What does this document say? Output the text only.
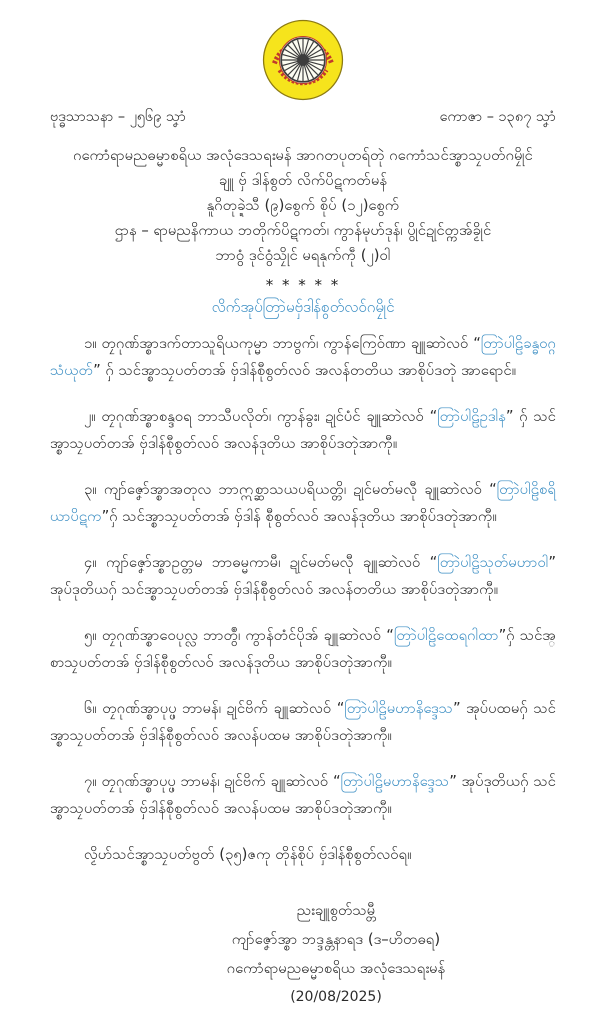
ဗုဒ္ဓသာသနာ – ၂၅၆၉ သၞာံ	ကောဇာ – ၁၃၈၇ သၞာံ
ဂကောံရာမညဓမ္မာစရိယ အလုံဒေသရးမန် အာဂတပုတရ်တုဲ ဂကောံသင်အ္စာသၠပတ်ဂမၠိုင်
ချူ ဗှ် ဒါန်စွတ် လိက်ပိဋကတ်မန်
နူဂိတုခ္ဍဲသီ (၉)စွေက် စိုပ် (၁၂)စွေက်
ဌာန – ရာမညနိကာယ ဘတိုက်ပိဋကတ်၊ ကွာန်မုဟ်ဒုန်၊ ပွိုင်ဍုင်တ္ကအ်ခၟိုင်
ဘာဝွံ ဒုင်ဝွံသၠိုင် မရနုက်ကဵု (၂)ဝါ
* * * * *
လိက်အုပ်တြာဲမဗှ်ဒါန်စွတ်လဝ်ဂမၠိုင်

၁။ တၠဂုဏ်အ္စာဒက်တာသူရိယကုမ္မာ ဘာဗွက်၊ ကွာန်ကြေဝ်ဏာ ချူဆာဲလဝ် “တြာဲပါဠိခန္ဓဝဂ္ဂသံယုတ်” ဂှ် သင်အ္စာသၠပတ်တအ် ဗှ်ဒါန်စီုစွတ်လဝ် အလန်တတိယ အာစိုပ်ဒတုဲ အာရောင်။

၂။ တၠဂုဏ်အ္စာစန္ဒဝရ ဘာသီပလိုတ်၊ ကွာန်ခွး၊ ဍုင်ပံင် ချူဆာဲလဝ် “တြာဲပါဠိဥဒါန” ဂှ် သင်အ္စာသၠပတ်တအ် ဗှ်ဒါန်စီုစွတ်လဝ် အလန်ဒုတိယ အာစိုပ်ဒတုဲအာကီု။

၃။ ကျာ်ဇၞော်အ္စာအတုလ ဘာဣစ္ဆာသယပရိယတ္တိ၊ ဍုင်မတ်မလီု ချူဆာဲလဝ် “တြာဲပါဠိစရိယာပိဋက”ဂှ် သင်အ္စာသၠပတ်တအ် ဗှ်ဒါန် စီုစွတ်လဝ် အလန်ဒုတိယ အာစိုပ်ဒတုဲအာကီု။

၄။ ကျာ်ဇၞော်အ္စာဥတ္တမ ဘာဓမ္မကာမီ၊ ဍုင်မတ်မလီု ချူဆာဲလဝ် “တြာဲပါဠိသုတ်မဟာဝါ” အုပ်ဒုတိယဂှ် သင်အ္စာသၠပတ်တအ် ဗှ်ဒါန်စီုစွတ်လဝ် အလန်တတိယ အာစိုပ်ဒတုဲအာကီု။

၅။ တၠဂုဏ်အ္စာဝေပုလ္လ ဘာတွဳ၊ ကွာန်တံင်ပိုအ် ချူဆာဲလဝ် “တြာဲပါဠိထေရဂါထာ”ဂှ် သင်အ္စာသၠပတ်တအ် ဗှ်ဒါန်စီုစွတ်လဝ် အလန်ဒုတိယ အာစိုပ်ဒတုဲအာကီု။

၆။ တၠဂုဏ်အ္စာပုပ္ဖ ဘာမန်၊ ဍုင်ဗိက် ချူဆာဲလဝ် “တြာဲပါဠိမဟာနိဒ္ဒေသ” အုပ်ပထမဂှ် သင်အ္စာသၠပတ်တအ် ဗှ်ဒါန်စီုစွတ်လဝ် အလန်ပထမ အာစိုပ်ဒတုဲအာကီု။

၇။ တၠဂုဏ်အ္စာပုပ္ဖ ဘာမန်၊ ဍုင်ဗိက် ချူဆာဲလဝ် “တြာဲပါဠိမဟာနိဒ္ဒေသ” အုပ်ဒုတိယဂှ် သင်အ္စာသၠပတ်တအ် ဗှ်ဒါန်စီုစွတ်လဝ် အလန်ပထမ အာစိုပ်ဒတုဲအာကီု။

လၟိဟ်သင်အ္စာသၠပတ်ဗွတ် (၃၅)ဇကု တိုန်စိုပ် ဗှ်ဒါန်စီုစွတ်လဝ်ရ။

ညးချူစွတ်သမ္တီ
ကျာ်ဇၞော်အ္စာ ဘဒ္ဒန္တနာရဒ (ဒ–ဟိတဓရ)
ဂကောံရာမညဓမ္မာစရိယ အလုံဒေသရးမန်
(20/08/2025)
